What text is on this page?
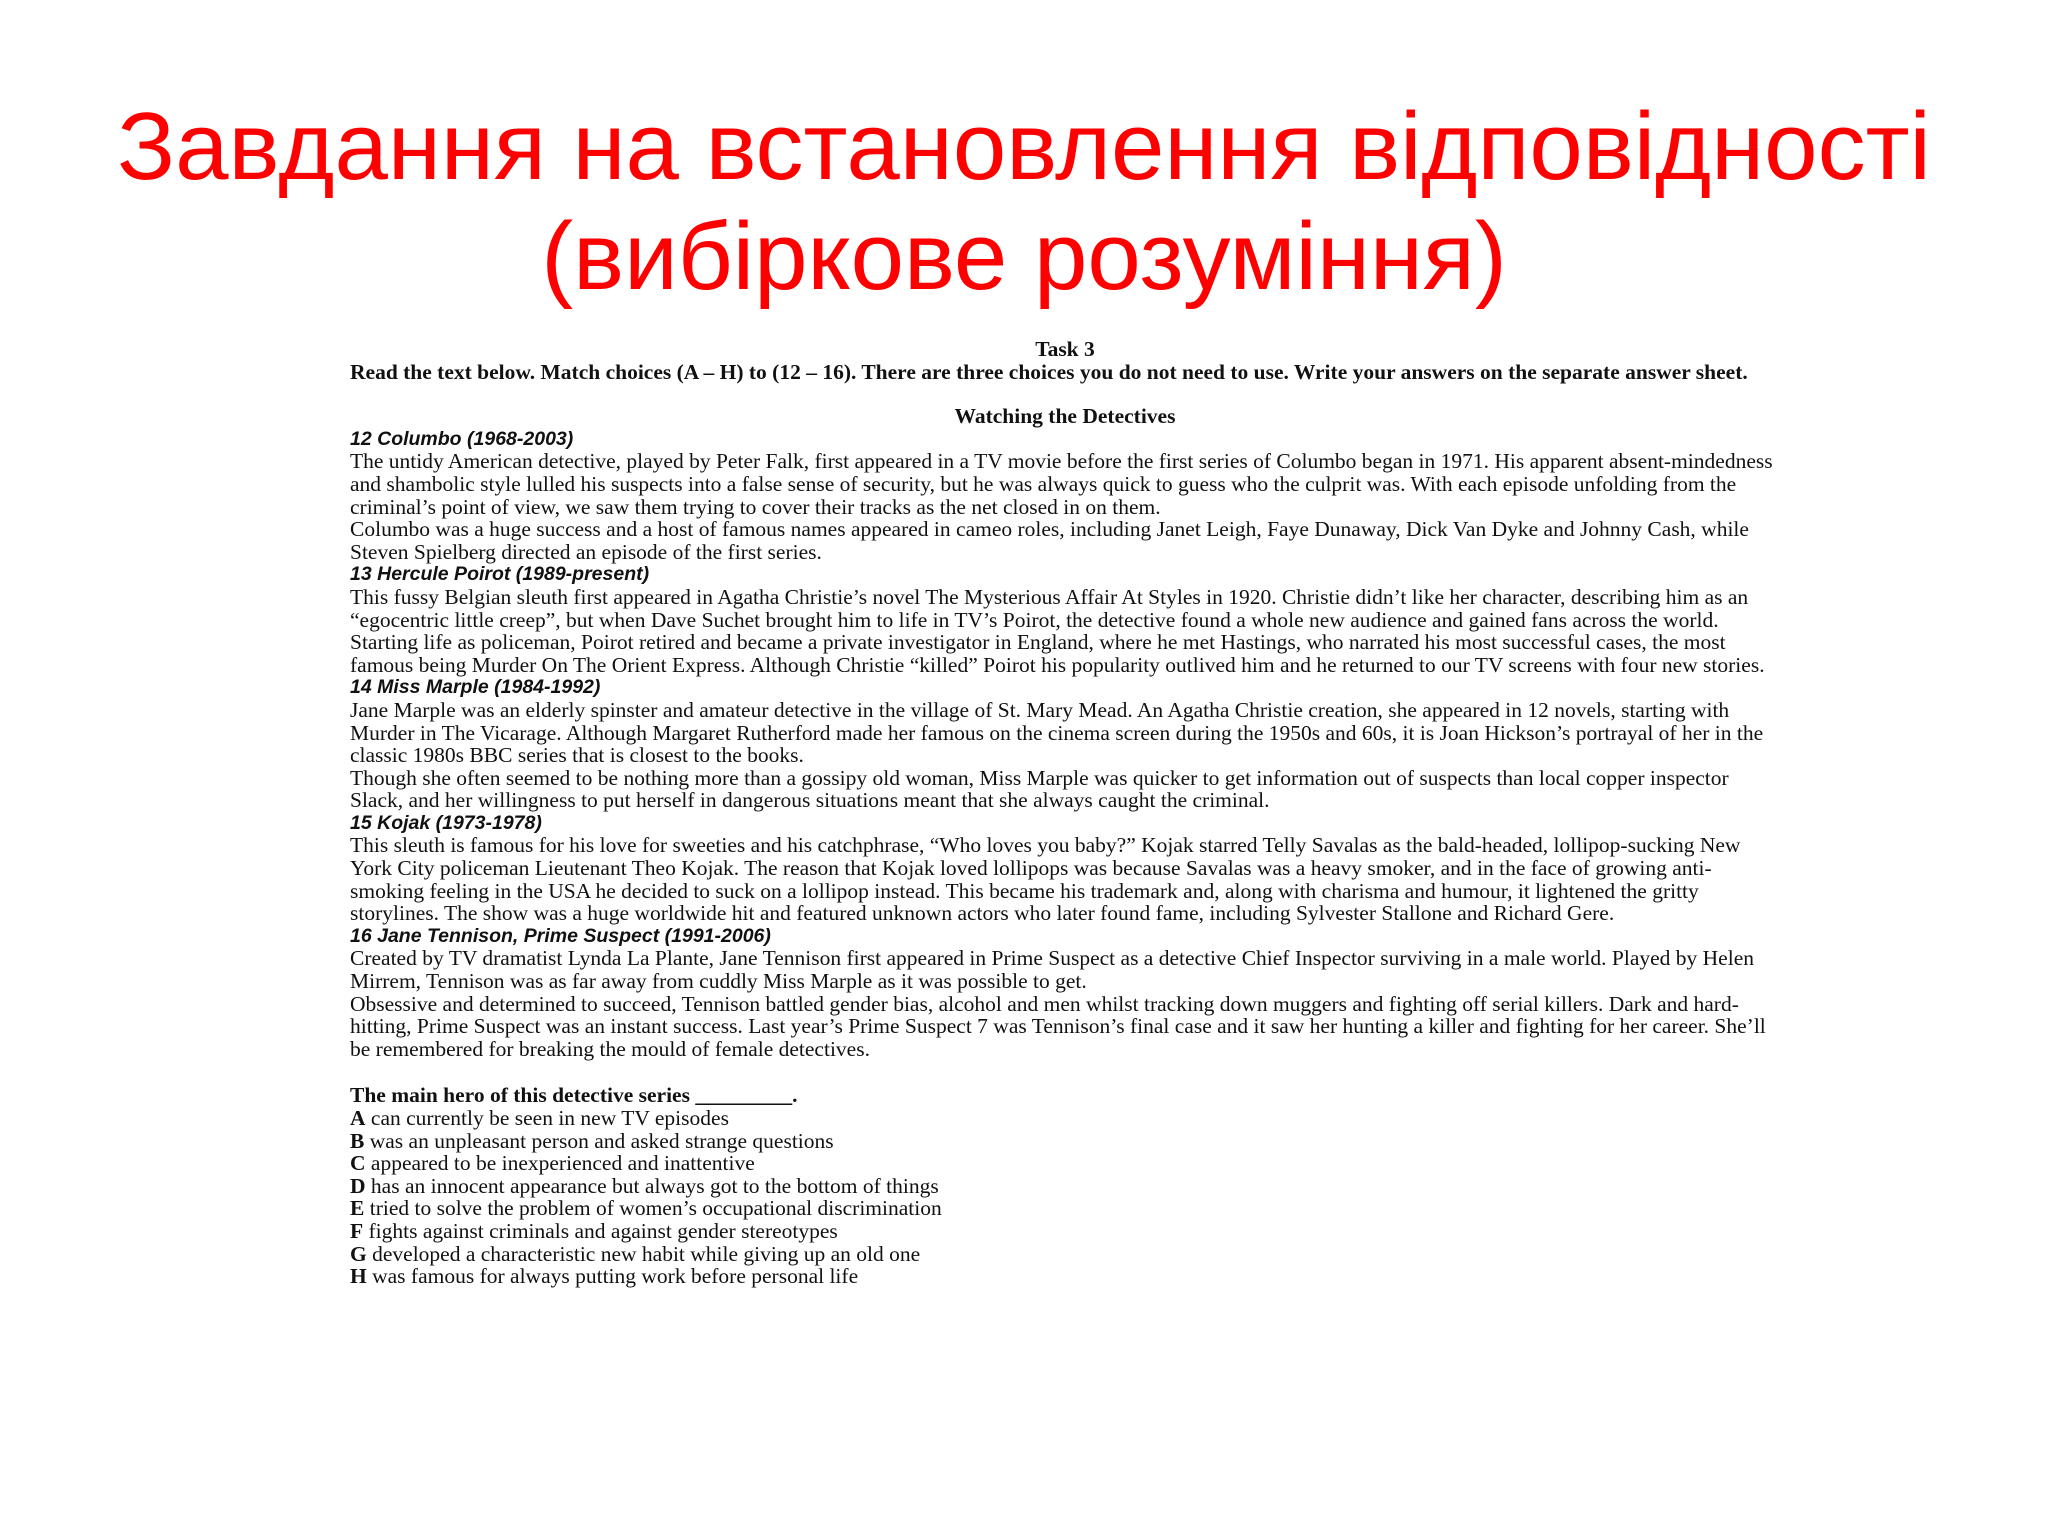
Завдання на встановлення відповідності
(вибіркове розуміння)

Task 3

Read the text below. Match choices (A – H) to (12 – 16). There are three choices you do not need to use. Write your answers on the separate answer sheet.

Watching the Detectives

12 Columbo (1968-2003)

The untidy American detective, played by Peter Falk, first appeared in a TV movie before the first series of Columbo began in 1971. His apparent absent-mindedness and shambolic style lulled his suspects into a false sense of security, but he was always quick to guess who the culprit was. With each episode unfolding from the criminal’s point of view, we saw them trying to cover their tracks as the net closed in on them.

Columbo was a huge success and a host of famous names appeared in cameo roles, including Janet Leigh, Faye Dunaway, Dick Van Dyke and Johnny Cash, while Steven Spielberg directed an episode of the first series.

13 Hercule Poirot (1989-present)

This fussy Belgian sleuth first appeared in Agatha Christie’s novel The Mysterious Affair At Styles in 1920. Christie didn’t like her character, describing him as an “egocentric little creep”, but when Dave Suchet brought him to life in TV’s Poirot, the detective found a whole new audience and gained fans across the world.

Starting life as policeman, Poirot retired and became a private investigator in England, where he met Hastings, who narrated his most successful cases, the most famous being Murder On The Orient Express. Although Christie “killed” Poirot his popularity outlived him and he returned to our TV screens with four new stories.

14 Miss Marple (1984-1992)

Jane Marple was an elderly spinster and amateur detective in the village of St. Mary Mead. An Agatha Christie creation, she appeared in 12 novels, starting with Murder in The Vicarage. Although Margaret Rutherford made her famous on the cinema screen during the 1950s and 60s, it is Joan Hickson’s portrayal of her in the classic 1980s BBC series that is closest to the books.

Though she often seemed to be nothing more than a gossipy old woman, Miss Marple was quicker to get information out of suspects than local copper inspector Slack, and her willingness to put herself in dangerous situations meant that she always caught the criminal.

15 Kojak (1973-1978)

This sleuth is famous for his love for sweeties and his catchphrase, “Who loves you baby?” Kojak starred Telly Savalas as the bald-headed, lollipop-sucking New York City policeman Lieutenant Theo Kojak. The reason that Kojak loved lollipops was because Savalas was a heavy smoker, and in the face of growing anti-smoking feeling in the USA he decided to suck on a lollipop instead. This became his trademark and, along with charisma and humour, it lightened the gritty storylines. The show was a huge worldwide hit and featured unknown actors who later found fame, including Sylvester Stallone and Richard Gere.

16 Jane Tennison, Prime Suspect (1991-2006)

Created by TV dramatist Lynda La Plante, Jane Tennison first appeared in Prime Suspect as a detective Chief Inspector surviving in a male world. Played by Helen Mirrem, Tennison was as far away from cuddly Miss Marple as it was possible to get.

Obsessive and determined to succeed, Tennison battled gender bias, alcohol and men whilst tracking down muggers and fighting off serial killers. Dark and hard-hitting, Prime Suspect was an instant success. Last year’s Prime Suspect 7 was Tennison’s final case and it saw her hunting a killer and fighting for her career. She’ll be remembered for breaking the mould of female detectives.

The main hero of this detective series _________.

A can currently be seen in new TV episodes
B was an unpleasant person and asked strange questions
C appeared to be inexperienced and inattentive
D has an innocent appearance but always got to the bottom of things
E tried to solve the problem of women’s occupational discrimination
F fights against criminals and against gender stereotypes
G developed a characteristic new habit while giving up an old one
H was famous for always putting work before personal life
